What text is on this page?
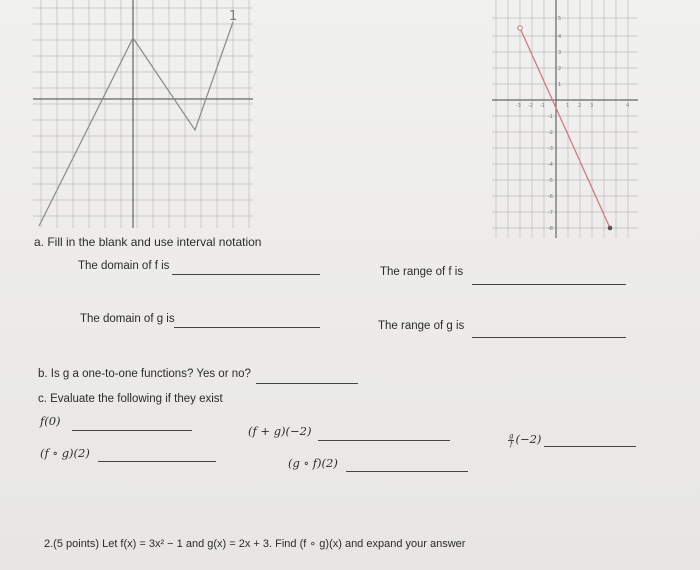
1
-3 -2 -1	1 2 3	4
5
4
3
2
1
-1
-2
-3
-4
-5
-6
-7
-8
a. Fill in the blank and use interval notation
The domain of f is	The range of f is
The domain of g is
The range of g is
b. Is g a one-to-one functions? Yes or no?
c. Evaluate the following if they exist
f(0)
(f + g)(−2)
$\frac{g}{f} (-2)$
(f ∘ g)(2)
(g ∘ f)(2)
2.(5 points) Let f(x) = 3x² − 1 and g(x) = 2x + 3. Find (f ∘ g)(x) and expand your answer
